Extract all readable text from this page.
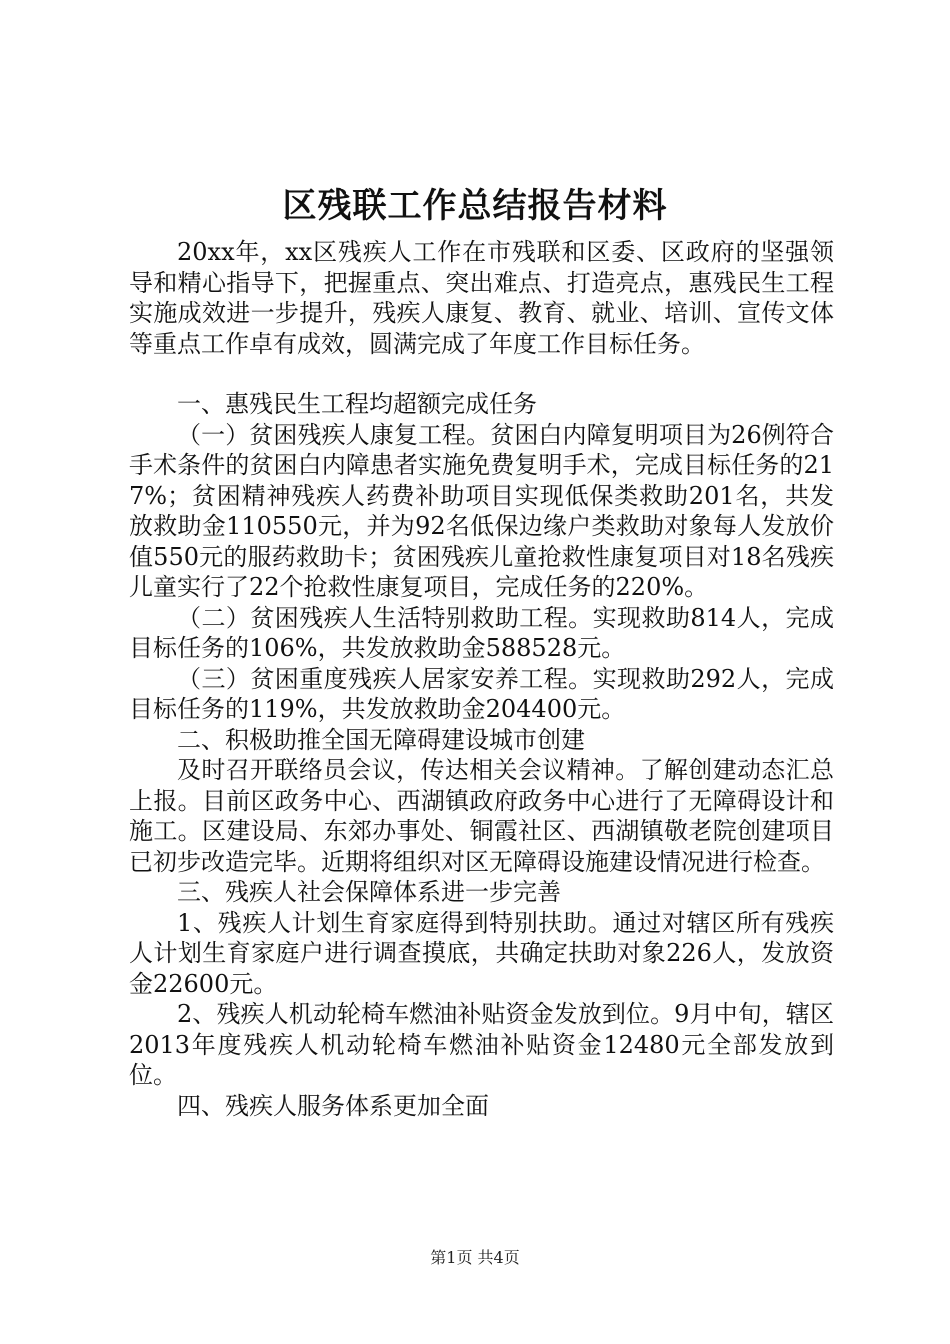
区残联工作总结报告材料

20xx年，xx区残疾人工作在市残联和区委、区政府的坚强领导和精心指导下，把握重点、突出难点、打造亮点，惠残民生工程实施成效进一步提升，残疾人康复、教育、就业、培训、宣传文体等重点工作卓有成效，圆满完成了年度工作目标任务。

一、惠残民生工程均超额完成任务

（一）贫困残疾人康复工程。贫困白内障复明项目为26例符合手术条件的贫困白内障患者实施免费复明手术，完成目标任务的217%；贫困精神残疾人药费补助项目实现低保类救助201名，共发放救助金110550元，并为92名低保边缘户类救助对象每人发放价值550元的服药救助卡；贫困残疾儿童抢救性康复项目对18名残疾儿童实行了22个抢救性康复项目，完成任务的220%。

（二）贫困残疾人生活特别救助工程。实现救助814人，完成目标任务的106%，共发放救助金588528元。

（三）贫困重度残疾人居家安养工程。实现救助292人，完成目标任务的119%，共发放救助金204400元。

二、积极助推全国无障碍建设城市创建

及时召开联络员会议，传达相关会议精神。了解创建动态汇总上报。目前区政务中心、西湖镇政府政务中心进行了无障碍设计和施工。区建设局、东郊办事处、铜霞社区、西湖镇敬老院创建项目已初步改造完毕。近期将组织对区无障碍设施建设情况进行检查。

三、残疾人社会保障体系进一步完善

1、残疾人计划生育家庭得到特别扶助。通过对辖区所有残疾人计划生育家庭户进行调查摸底，共确定扶助对象226人，发放资金22600元。

2、残疾人机动轮椅车燃油补贴资金发放到位。9月中旬，辖区2013年度残疾人机动轮椅车燃油补贴资金12480元全部发放到位。

四、残疾人服务体系更加全面

第1页 共4页
